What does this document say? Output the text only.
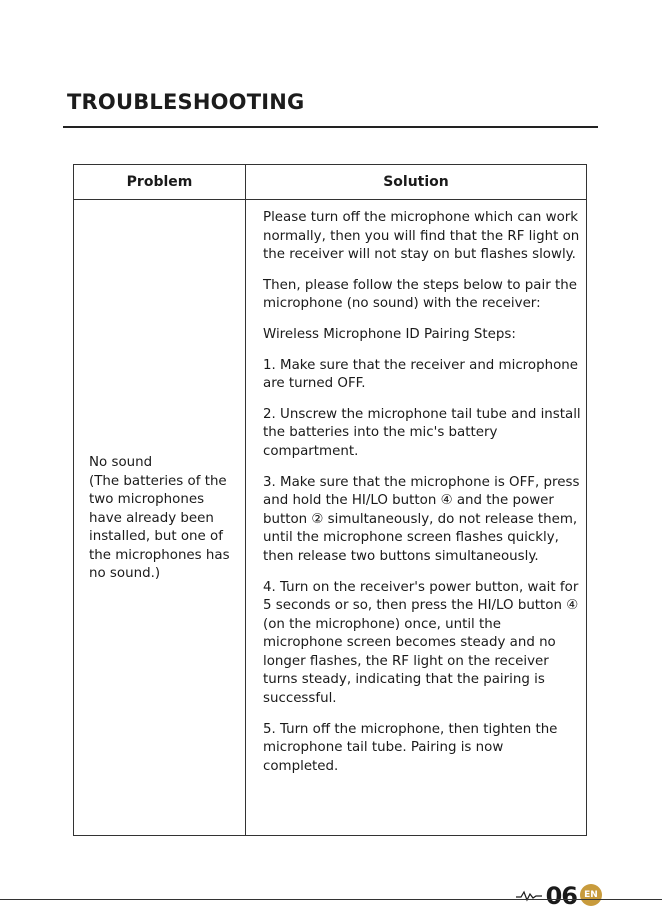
TROUBLESHOOTING
Problem	Solution
No sound
(The batteries of the
two microphones
have already been
installed, but one of
the microphones has
no sound.)

Please turn off the microphone which can work normally, then you will find that the RF light on the receiver will not stay on but flashes slowly.

Then, please follow the steps below to pair the microphone (no sound) with the receiver:

Wireless Microphone ID Pairing Steps:

1. Make sure that the receiver and microphone are turned OFF.

2. Unscrew the microphone tail tube and install the batteries into the mic's battery compartment.

3. Make sure that the microphone is OFF, press and hold the HI/LO button ④ and the power button ② simultaneously, do not release them, until the microphone screen flashes quickly, then release two buttons simultaneously.

4. Turn on the receiver's power button, wait for 5 seconds or so, then press the HI/LO button ④ (on the microphone) once, until the microphone screen becomes steady and no longer flashes, the RF light on the receiver turns steady, indicating that the pairing is successful.

5. Turn off the microphone, then tighten the microphone tail tube. Pairing is now completed.

06 EN
